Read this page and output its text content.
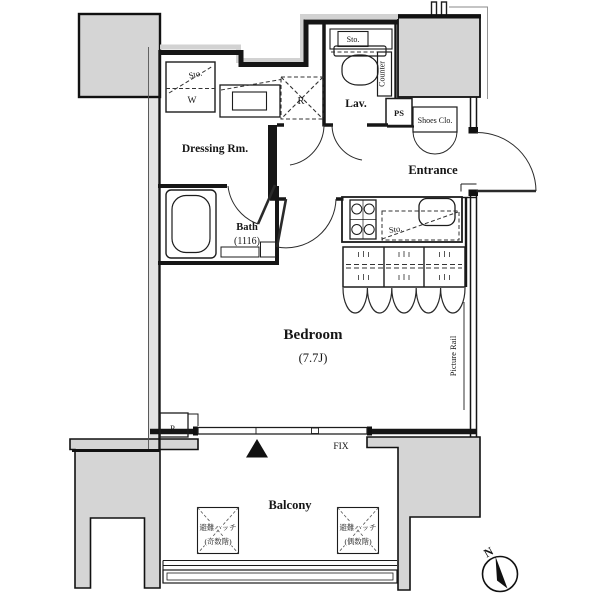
Sto.
W	R
Dressing Rm.
Sto.
Lav.
Counter
Bath
(1116)
PS
Shoes Clo.
Entrance
Sto.
Bedroom
(7.7J)	Picture Rail
P
FIX
Balcony
避難ハッチ
(奇数階)
避難ハッチ
(偶数階)
N
